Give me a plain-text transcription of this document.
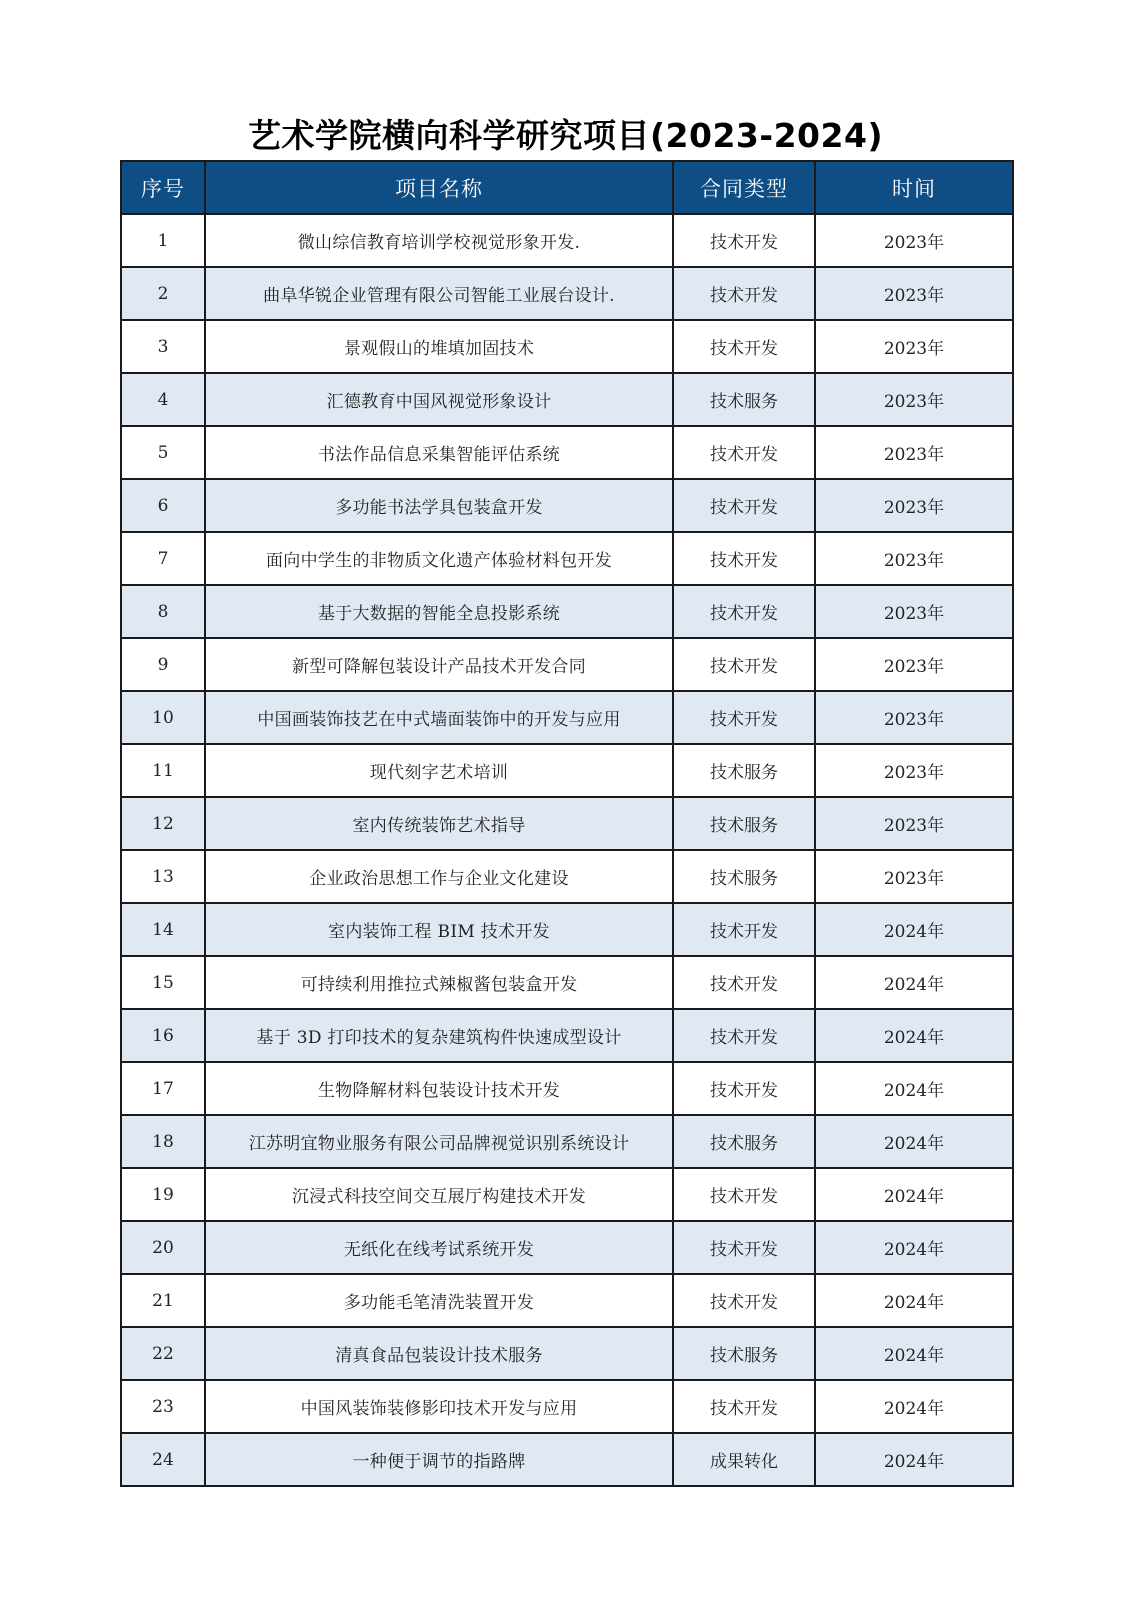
艺术学院横向科学研究项目(2023-2024)
序号	项目名称	合同类型	时间
1	微山综信教育培训学校视觉形象开发.	技术开发	2023年
2	曲阜华锐企业管理有限公司智能工业展台设计.	技术开发	2023年
3	景观假山的堆填加固技术	技术开发	2023年
4	汇德教育中国风视觉形象设计	技术服务	2023年
5	书法作品信息采集智能评估系统	技术开发	2023年
6	多功能书法学具包装盒开发	技术开发	2023年
7	面向中学生的非物质文化遗产体验材料包开发	技术开发	2023年
8	基于大数据的智能全息投影系统	技术开发	2023年
9	新型可降解包装设计产品技术开发合同	技术开发	2023年
10	中国画装饰技艺在中式墙面装饰中的开发与应用	技术开发	2023年
11	现代刻字艺术培训	技术服务	2023年
12	室内传统装饰艺术指导	技术服务	2023年
13	企业政治思想工作与企业文化建设	技术服务	2023年
14	室内装饰工程 BIM 技术开发	技术开发	2024年
15	可持续利用推拉式辣椒酱包装盒开发	技术开发	2024年
16	基于 3D 打印技术的复杂建筑构件快速成型设计	技术开发	2024年
17	生物降解材料包装设计技术开发	技术开发	2024年
18	江苏明宜物业服务有限公司品牌视觉识别系统设计	技术服务	2024年
19	沉浸式科技空间交互展厅构建技术开发	技术开发	2024年
20	无纸化在线考试系统开发	技术开发	2024年
21	多功能毛笔清洗装置开发	技术开发	2024年
22	清真食品包装设计技术服务	技术服务	2024年
23	中国风装饰装修影印技术开发与应用	技术开发	2024年
24	一种便于调节的指路牌	成果转化	2024年
